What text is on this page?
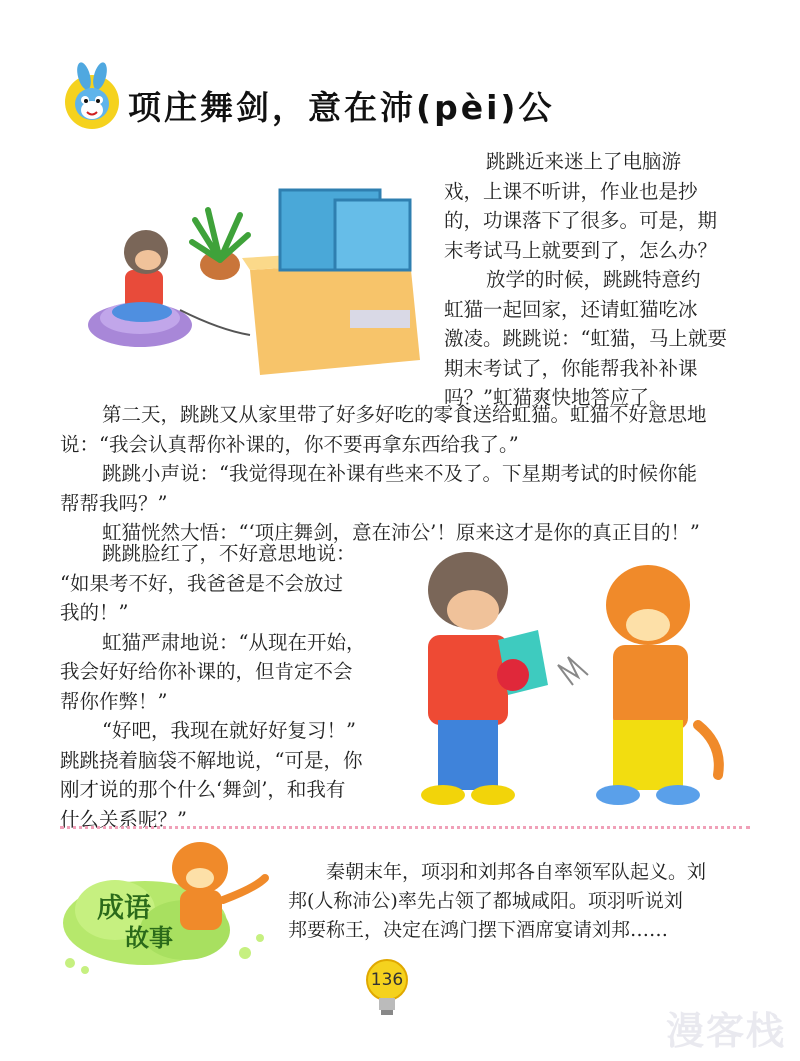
项庄舞剑，意在沛(pèi)公

跳跳近来迷上了电脑游

戏，上课不听讲，作业也是抄

的，功课落下了很多。可是，期

末考试马上就要到了，怎么办？

放学的时候，跳跳特意约

虹猫一起回家，还请虹猫吃冰

激凌。跳跳说：“虹猫，马上就要

期末考试了，你能帮我补补课

吗？”虹猫爽快地答应了。

第二天，跳跳又从家里带了好多好吃的零食送给虹猫。虹猫不好意思地

说：“我会认真帮你补课的，你不要再拿东西给我了。”

跳跳小声说：“我觉得现在补课有些来不及了。下星期考试的时候你能

帮帮我吗？”

虹猫恍然大悟：“‘项庄舞剑，意在沛公’！原来这才是你的真正目的！”

跳跳脸红了，不好意思地说：

“如果考不好，我爸爸是不会放过

我的！”

虹猫严肃地说：“从现在开始，

我会好好给你补课的，但肯定不会

帮你作弊！”

“好吧，我现在就好好复习！”

跳跳挠着脑袋不解地说，“可是，你

刚才说的那个什么‘舞剑’，和我有

什么关系呢？”

成语
故事

秦朝末年，项羽和刘邦各自率领军队起义。刘

邦(人称沛公)率先占领了都城咸阳。项羽听说刘

邦要称王，决定在鸿门摆下酒席宴请刘邦……

136
漫客栈
